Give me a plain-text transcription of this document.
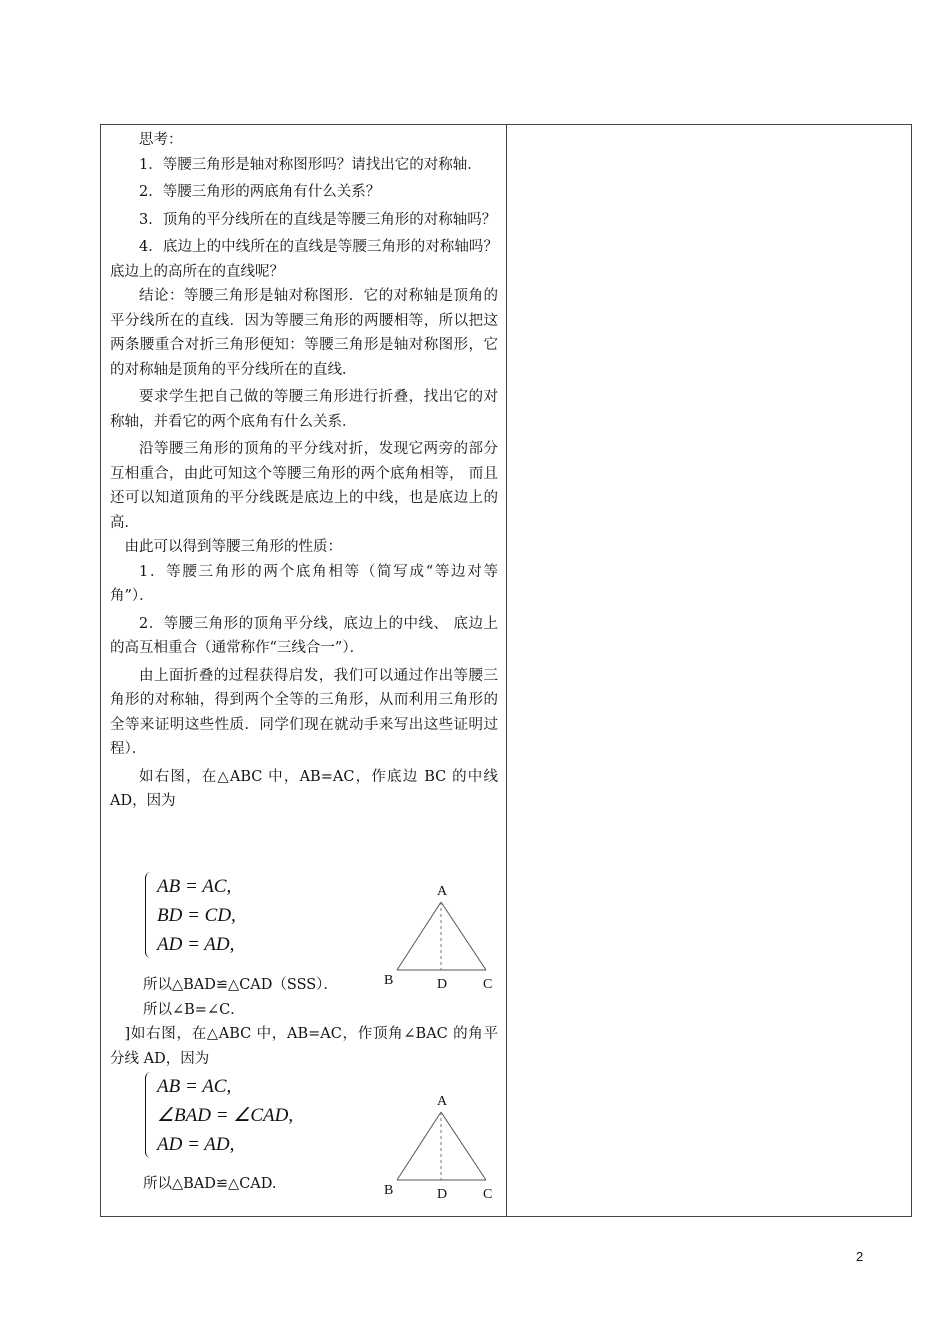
思考：

1．等腰三角形是轴对称图形吗？请找出它的对称轴．

2．等腰三角形的两底角有什么关系？

3．顶角的平分线所在的直线是等腰三角形的对称轴吗？

4．底边上的中线所在的直线是等腰三角形的对称轴吗？ 底边上的高所在的直线呢？

结论：等腰三角形是轴对称图形．它的对称轴是顶角的平分线所在的直线．因为等腰三角形的两腰相等，所以把这两条腰重合对折三角形便知：等腰三角形是轴对称图形，它的对称轴是顶角的平分线所在的直线．

要求学生把自己做的等腰三角形进行折叠，找出它的对称轴，并看它的两个底角有什么关系．

沿等腰三角形的顶角的平分线对折，发现它两旁的部分互相重合，由此可知这个等腰三角形的两个底角相等， 而且还可以知道顶角的平分线既是底边上的中线，也是底边上的高．

由此可以得到等腰三角形的性质：

1．等腰三角形的两个底角相等（简写成“等边对等角”）．

2．等腰三角形的顶角平分线，底边上的中线、 底边上的高互相重合（通常称作“三线合一”）．

由上面折叠的过程获得启发，我们可以通过作出等腰三角形的对称轴，得到两个全等的三角形，从而利用三角形的全等来证明这些性质．同学们现在就动手来写出这些证明过程）．

如右图，在△ABC 中，AB=AC，作底边 BC 的中线 AD，因为

AB = AC,
BD = CD,
AD = AD,
A
B	D	C
所以△BAD≌△CAD（SSS）．
所以∠B=∠C．

]如右图，在△ABC 中，AB=AC，作顶角∠BAC 的角平分线 AD，因为

AB = AC,
∠BAD = ∠CAD,
AD = AD,
A
B	D	C
所以△BAD≌△CAD.
2
